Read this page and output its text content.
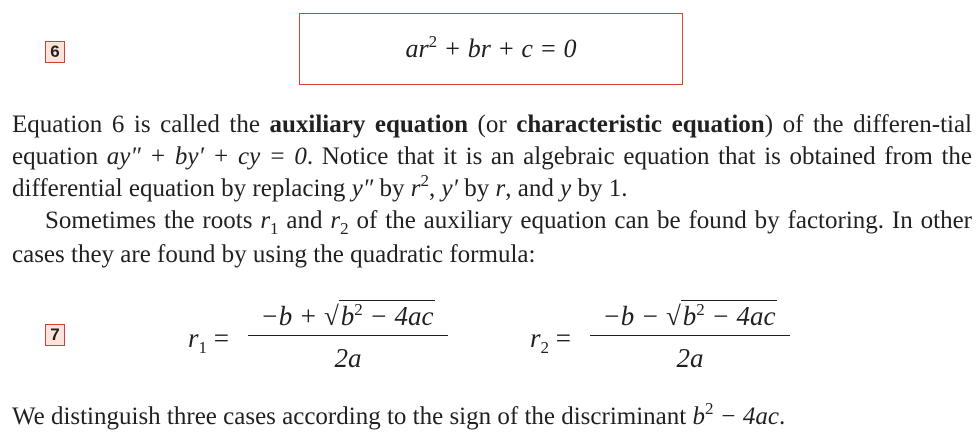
6	$ar^2$ + br + c = 0

Equation 6 is called the auxiliary equation (or characteristic equation) of the differen-tial equation ay″ + by′ + cy = 0. Notice that it is an algebraic equation that is obtained from the differential equation by replacing y″ by $r^2$, y′ by r, and y by 1.

Sometimes the roots $r_1$ and $r_2$ of the auxiliary equation can be found by factoring. In other cases they are found by using the quadratic formula:

7	$r_1$ =
$-b + √b^2 - 4ac$
2a
$r_2$ =
$-b - √b^2 - 4ac$
2a

We distinguish three cases according to the sign of the discriminant $b^2 - 4ac$.
